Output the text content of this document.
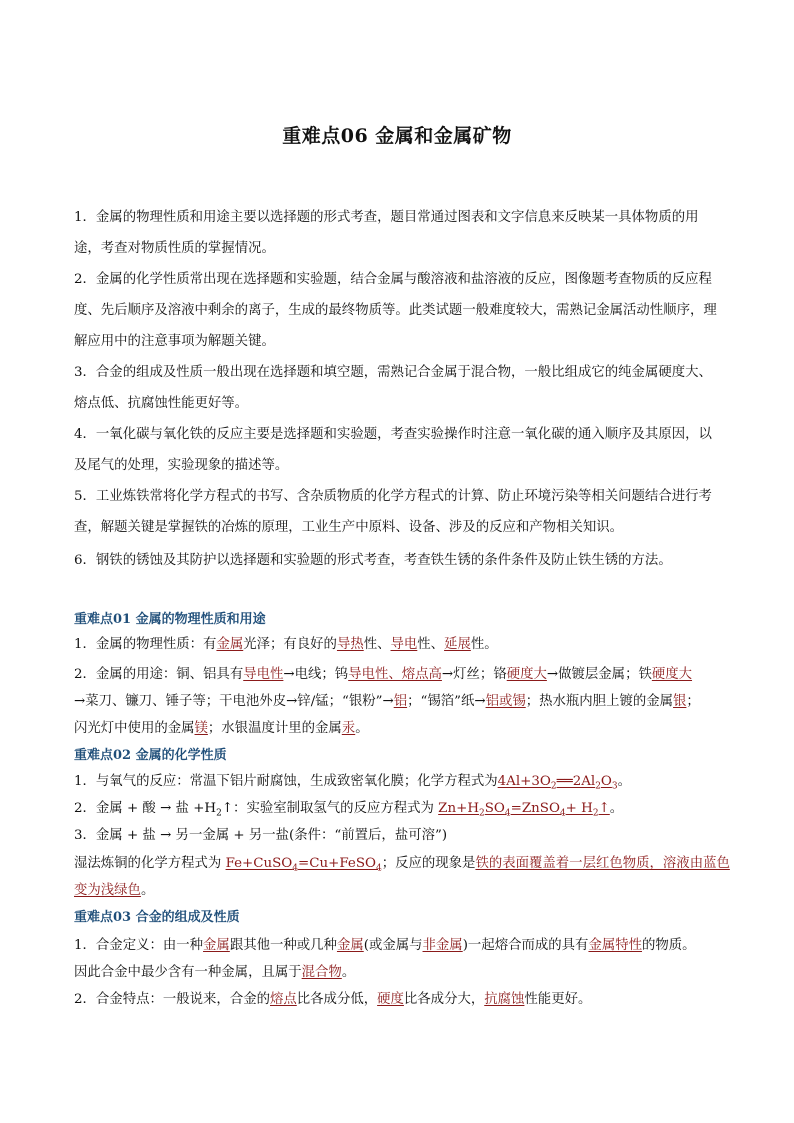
重难点06 金属和金属矿物
1．金属的物理性质和用途主要以选择题的形式考查，题目常通过图表和文字信息来反映某一具体物质的用途，考查对物质性质的掌握情况。
2．金属的化学性质常出现在选择题和实验题，结合金属与酸溶液和盐溶液的反应，图像题考查物质的反应程度、先后顺序及溶液中剩余的离子，生成的最终物质等。此类试题一般难度较大，需熟记金属活动性顺序，理解应用中的注意事项为解题关键。
3．合金的组成及性质一般出现在选择题和填空题，需熟记合金属于混合物，一般比组成它的纯金属硬度大、熔点低、抗腐蚀性能更好等。
4．一氧化碳与氧化铁的反应主要是选择题和实验题，考查实验操作时注意一氧化碳的通入顺序及其原因，以及尾气的处理，实验现象的描述等。
5．工业炼铁常将化学方程式的书写、含杂质物质的化学方程式的计算、防止环境污染等相关问题结合进行考查，解题关键是掌握铁的冶炼的原理，工业生产中原料、设备、涉及的反应和产物相关知识。
6．钢铁的锈蚀及其防护以选择题和实验题的形式考查，考查铁生锈的条件条件及防止铁生锈的方法。
重难点01 金属的物理性质和用途
1．金属的物理性质：有金属光泽；有良好的导热性、导电性、延展性。
2．金属的用途：铜、铝具有导电性→电线；钨导电性、熔点高→灯丝；铬硬度大→做镀层金属；铁硬度大
→菜刀、镰刀、锤子等；干电池外皮→锌/锰；“银粉”→铝；“锡箔”纸→铝或锡；热水瓶内胆上镀的金属银；
闪光灯中使用的金属镁；水银温度计里的金属汞。
重难点02 金属的化学性质
1．与氧气的反应：常温下铝片耐腐蚀，生成致密氧化膜；化学方程式为$4Al+3O_2══2Al_2O_3$。
2．金属 + 酸 → 盐 $+H_2↑$：实验室制取氢气的反应方程式为 $Zn+H_2SO_4=ZnSO_4+$ $H_2↑$。
3．金属 + 盐 → 另一金属 + 另一盐(条件：“前置后，盐可溶”)
湿法炼铜的化学方程式为 Fe+CuSO$_4$=Cu+FeSO$_4$；反应的现象是铁的表面覆盖着一层红色物质，溶液由蓝色
变为浅绿色。
重难点03 合金的组成及性质
1．合金定义：由一种金属跟其他一种或几种金属(或金属与非金属)一起熔合而成的具有金属特性的物质。
因此合金中最少含有一种金属，且属于混合物。
2．合金特点：一般说来，合金的熔点比各成分低，硬度比各成分大，抗腐蚀性能更好。
